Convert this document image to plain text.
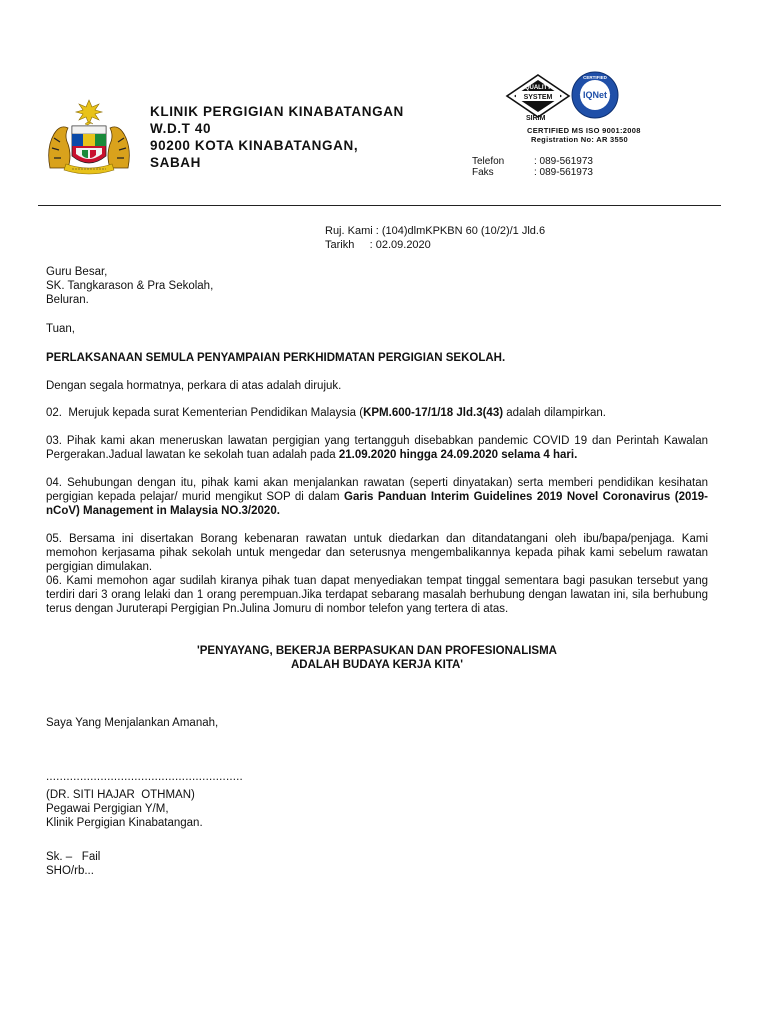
KLINIK PERGIGIAN KINABATANGAN
W.D.T 40
90200 KOTA KINABATANGAN,
SABAH
QUALITY
SYSTEM
SIRIM
IQNet
CERTIFIED
CERTIFIED MS ISO 9001:2008
Registration No: AR 3550
Telefon	: 089-561973
Faks	: 089-561973
Ruj. Kami : (104)dlmKPKBN 60 (10/2)/1 Jld.6
Tarikh     : 02.09.2020
Guru Besar,
SK. Tangkarason & Pra Sekolah,
Beluran.
Tuan,
PERLAKSANAAN SEMULA PENYAMPAIAN PERKHIDMATAN PERGIGIAN SEKOLAH.
Dengan segala hormatnya, perkara di atas adalah dirujuk.
02.  Merujuk kepada surat Kementerian Pendidikan Malaysia (KPM.600-17/1/18 Jld.3(43) adalah dilampirkan.
03. Pihak kami akan meneruskan lawatan pergigian yang tertangguh disebabkan pandemic COVID 19 dan Perintah Kawalan Pergerakan.Jadual lawatan ke sekolah tuan adalah pada 21.09.2020 hingga 24.09.2020 selama 4 hari.
04. Sehubungan dengan itu, pihak kami akan menjalankan rawatan (seperti dinyatakan) serta memberi pendidikan kesihatan pergigian kepada pelajar/ murid mengikut SOP di dalam Garis Panduan Interim Guidelines 2019 Novel Coronavirus (2019-nCoV) Management in Malaysia NO.3/2020.
05. Bersama ini disertakan Borang kebenaran rawatan untuk diedarkan dan ditandatangani oleh ibu/bapa/penjaga. Kami memohon kerjasama pihak sekolah untuk mengedar dan seterusnya mengembalikannya kepada pihak kami sebelum rawatan pergigian dimulakan.
06. Kami memohon agar sudilah kiranya pihak tuan dapat menyediakan tempat tinggal sementara bagi pasukan tersebut yang terdiri dari 3 orang lelaki dan 1 orang perempuan.Jika terdapat sebarang masalah berhubung dengan lawatan ini, sila berhubung terus dengan Juruterapi Pergigian Pn.Julina Jomuru di nombor telefon yang tertera di atas.
'PENYAYANG, BEKERJA BERPASUKAN DAN PROFESIONALISMA
ADALAH BUDAYA KERJA KITA'
Saya Yang Menjalankan Amanah,
..........................................................
(DR. SITI HAJAR  OTHMAN)
Pegawai Pergigian Y/M,
Klinik Pergigian Kinabatangan.
Sk. –   Fail
SHO/rb...
